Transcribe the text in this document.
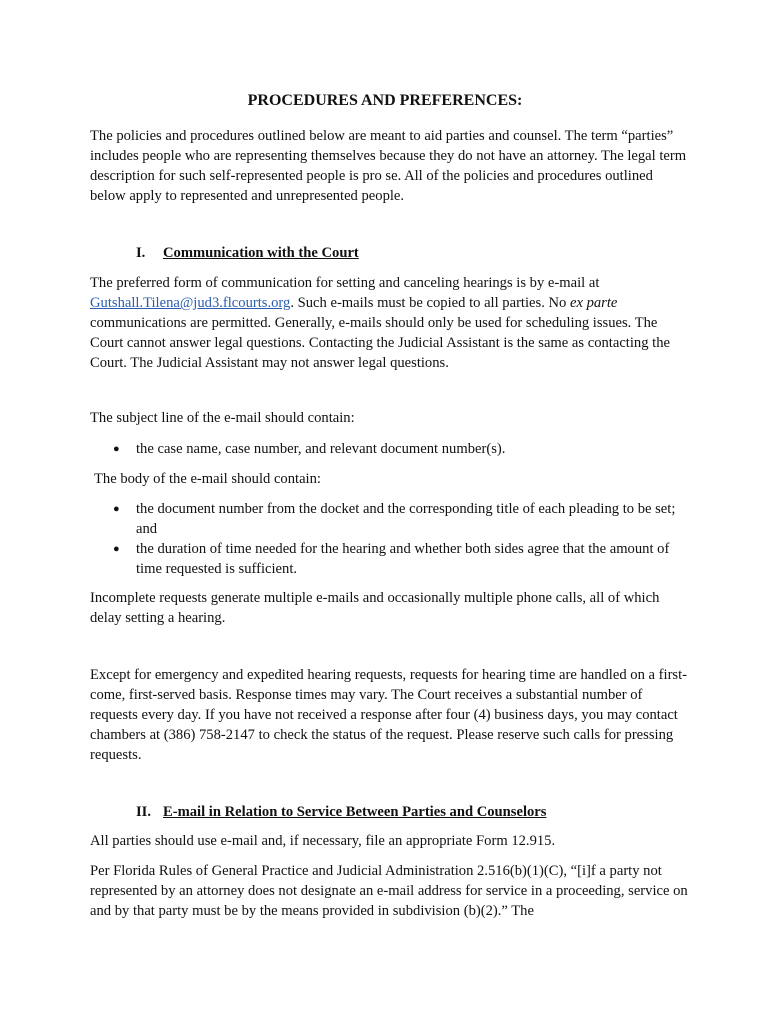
PROCEDURES AND PREFERENCES:

The policies and procedures outlined below are meant to aid parties and counsel. The term “parties” includes people who are representing themselves because they do not have an attorney. The legal term description for such self-represented people is pro se. All of the policies and procedures outlined below apply to represented and unrepresented people.

I. Communication with the Court

The preferred form of communication for setting and canceling hearings is by e-mail at Gutshall.Tilena@jud3.flcourts.org. Such e-mails must be copied to all parties. No ex parte communications are permitted. Generally, e-mails should only be used for scheduling issues. The Court cannot answer legal questions. Contacting the Judicial Assistant is the same as contacting the Court. The Judicial Assistant may not answer legal questions.

The subject line of the e-mail should contain:

● the case name, case number, and relevant document number(s).

The body of the e-mail should contain:

● the document number from the docket and the corresponding title of each pleading to be set; and
● the duration of time needed for the hearing and whether both sides agree that the amount of time requested is sufficient.

Incomplete requests generate multiple e-mails and occasionally multiple phone calls, all of which delay setting a hearing.

Except for emergency and expedited hearing requests, requests for hearing time are handled on a first-come, first-served basis. Response times may vary. The Court receives a substantial number of requests every day. If you have not received a response after four (4) business days, you may contact chambers at (386) 758-2147 to check the status of the request. Please reserve such calls for pressing requests.

II. E-mail in Relation to Service Between Parties and Counselors

All parties should use e-mail and, if necessary, file an appropriate Form 12.915.

Per Florida Rules of General Practice and Judicial Administration 2.516(b)(1)(C), “[i]f a party not represented by an attorney does not designate an e-mail address for service in a proceeding, service on and by that party must be by the means provided in subdivision (b)(2).” The
